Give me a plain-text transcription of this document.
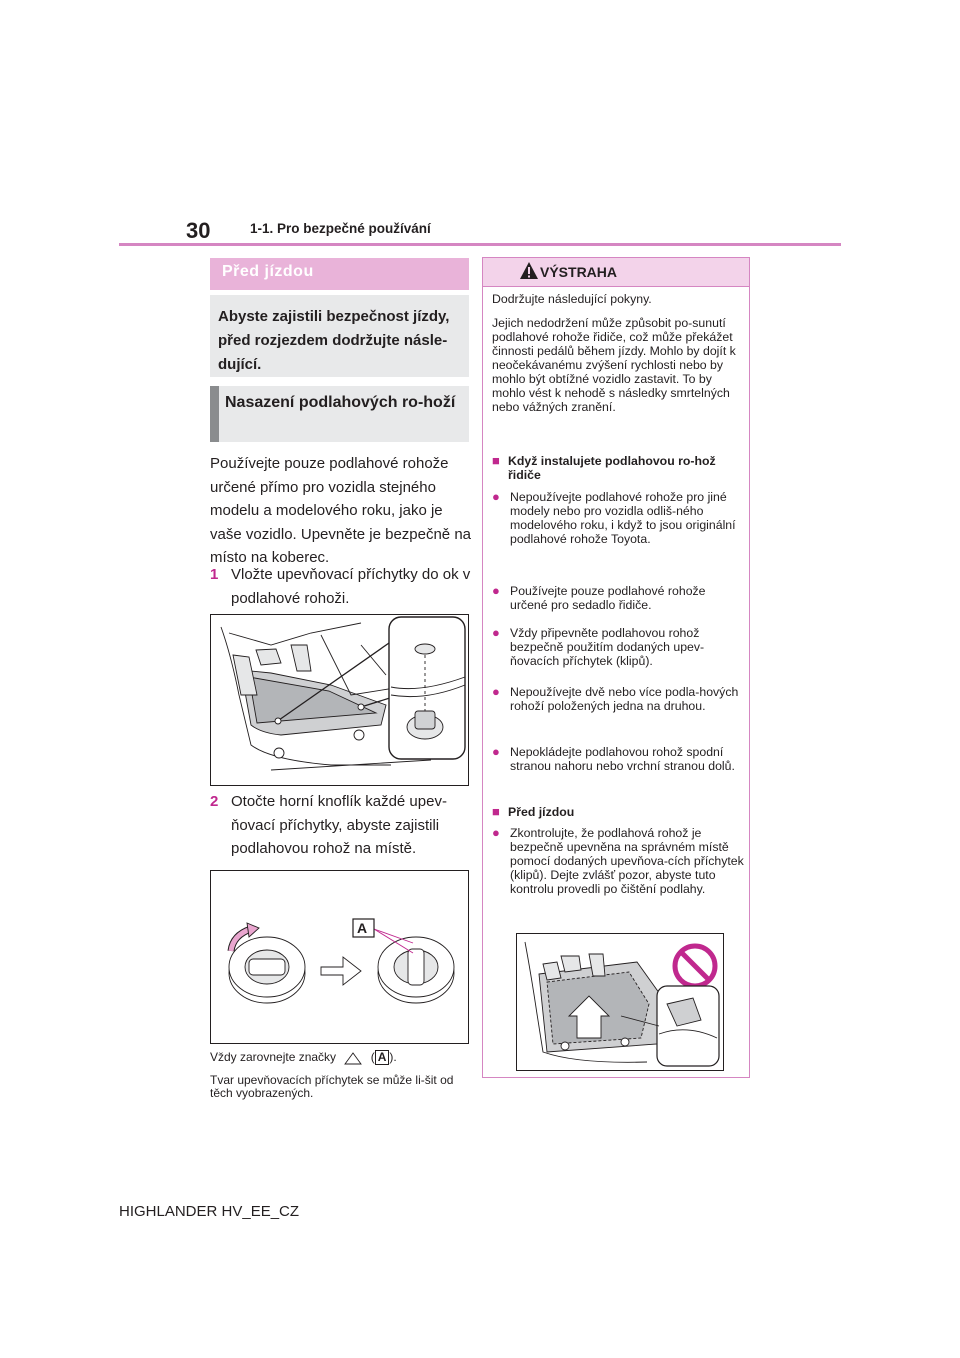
30	1-1. Pro bezpečné používání
Před jízdou
Abyste zajistili bezpečnost jízdy, před rozjezdem dodržujte násle-dující.
Nasazení podlahových ro-hoží
Používejte pouze podlahové rohože určené přímo pro vozidla stejného modelu a modelového roku, jako je vaše vozidlo. Upevněte je bezpečně na místo na koberec.
1 Vložte upevňovací příchytky do ok v podlahové rohoži.
2 Otočte horní knoflík každé upev-ňovací příchytky, abyste zajistili podlahovou rohož na místě.
A
Vždy zarovnejte značky	( A ).
Tvar upevňovacích příchytek se může li-šit od těch vyobrazených.
VÝSTRAHA
Dodržujte následující pokyny.
Jejich nedodržení může způsobit po-sunutí podlahové rohože řidiče, což může překážet činnosti pedálů během jízdy. Mohlo by dojít k neočekávanému zvýšení rychlosti nebo by mohlo být obtížné vozidlo zastavit. To by mohlo vést k nehodě s následky smrtelných nebo vážných zranění.
■ Když instalujete podlahovou ro-hož řidiče
● Nepoužívejte podlahové rohože pro jiné modely nebo pro vozidla odliš-ného modelového roku, i když to jsou originální podlahové rohože Toyota.
● Používejte pouze podlahové rohože určené pro sedadlo řidiče.
● Vždy připevněte podlahovou rohož bezpečně použitím dodaných upev-ňovacích příchytek (klipů).
● Nepoužívejte dvě nebo více podla-hových rohoží položených jedna na druhou.
● Nepokládejte podlahovou rohož spodní stranou nahoru nebo vrchní stranou dolů.
■ Před jízdou
● Zkontrolujte, že podlahová rohož je bezpečně upevněna na správném místě pomocí dodaných upevňova-cích příchytek (klipů). Dejte zvlášť pozor, abyste tuto kontrolu provedli po čištění podlahy.
HIGHLANDER HV_EE_CZ
